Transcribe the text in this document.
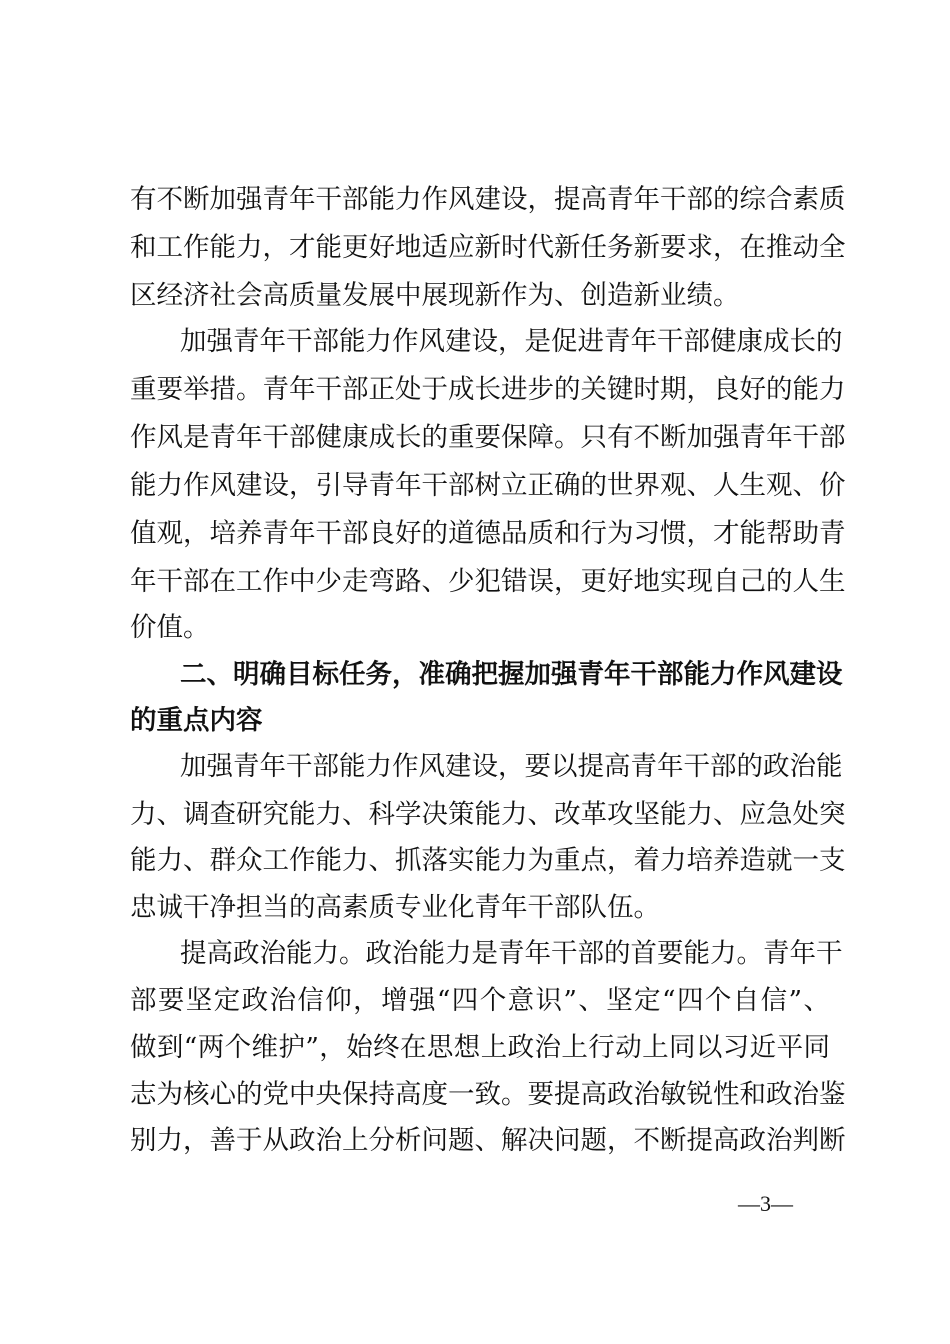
有不断加强青年干部能力作风建设，提高青年干部的综合素质
和工作能力，才能更好地适应新时代新任务新要求，在推动全
区经济社会高质量发展中展现新作为、创造新业绩。
加强青年干部能力作风建设，是促进青年干部健康成长的
重要举措。青年干部正处于成长进步的关键时期，良好的能力
作风是青年干部健康成长的重要保障。只有不断加强青年干部
能力作风建设，引导青年干部树立正确的世界观、人生观、价
值观，培养青年干部良好的道德品质和行为习惯，才能帮助青
年干部在工作中少走弯路、少犯错误，更好地实现自己的人生
价值。
二、明确目标任务，准确把握加强青年干部能力作风建设
的重点内容
加强青年干部能力作风建设，要以提高青年干部的政治能
力、调查研究能力、科学决策能力、改革攻坚能力、应急处突
能力、群众工作能力、抓落实能力为重点，着力培养造就一支
忠诚干净担当的高素质专业化青年干部队伍。
提高政治能力。政治能力是青年干部的首要能力。青年干
部要坚定政治信仰，增强“四个意识”、坚定“四个自信”、
做到“两个维护”，始终在思想上政治上行动上同以习近平同
志为核心的党中央保持高度一致。要提高政治敏锐性和政治鉴
别力，善于从政治上分析问题、解决问题，不断提高政治判断
—3—
